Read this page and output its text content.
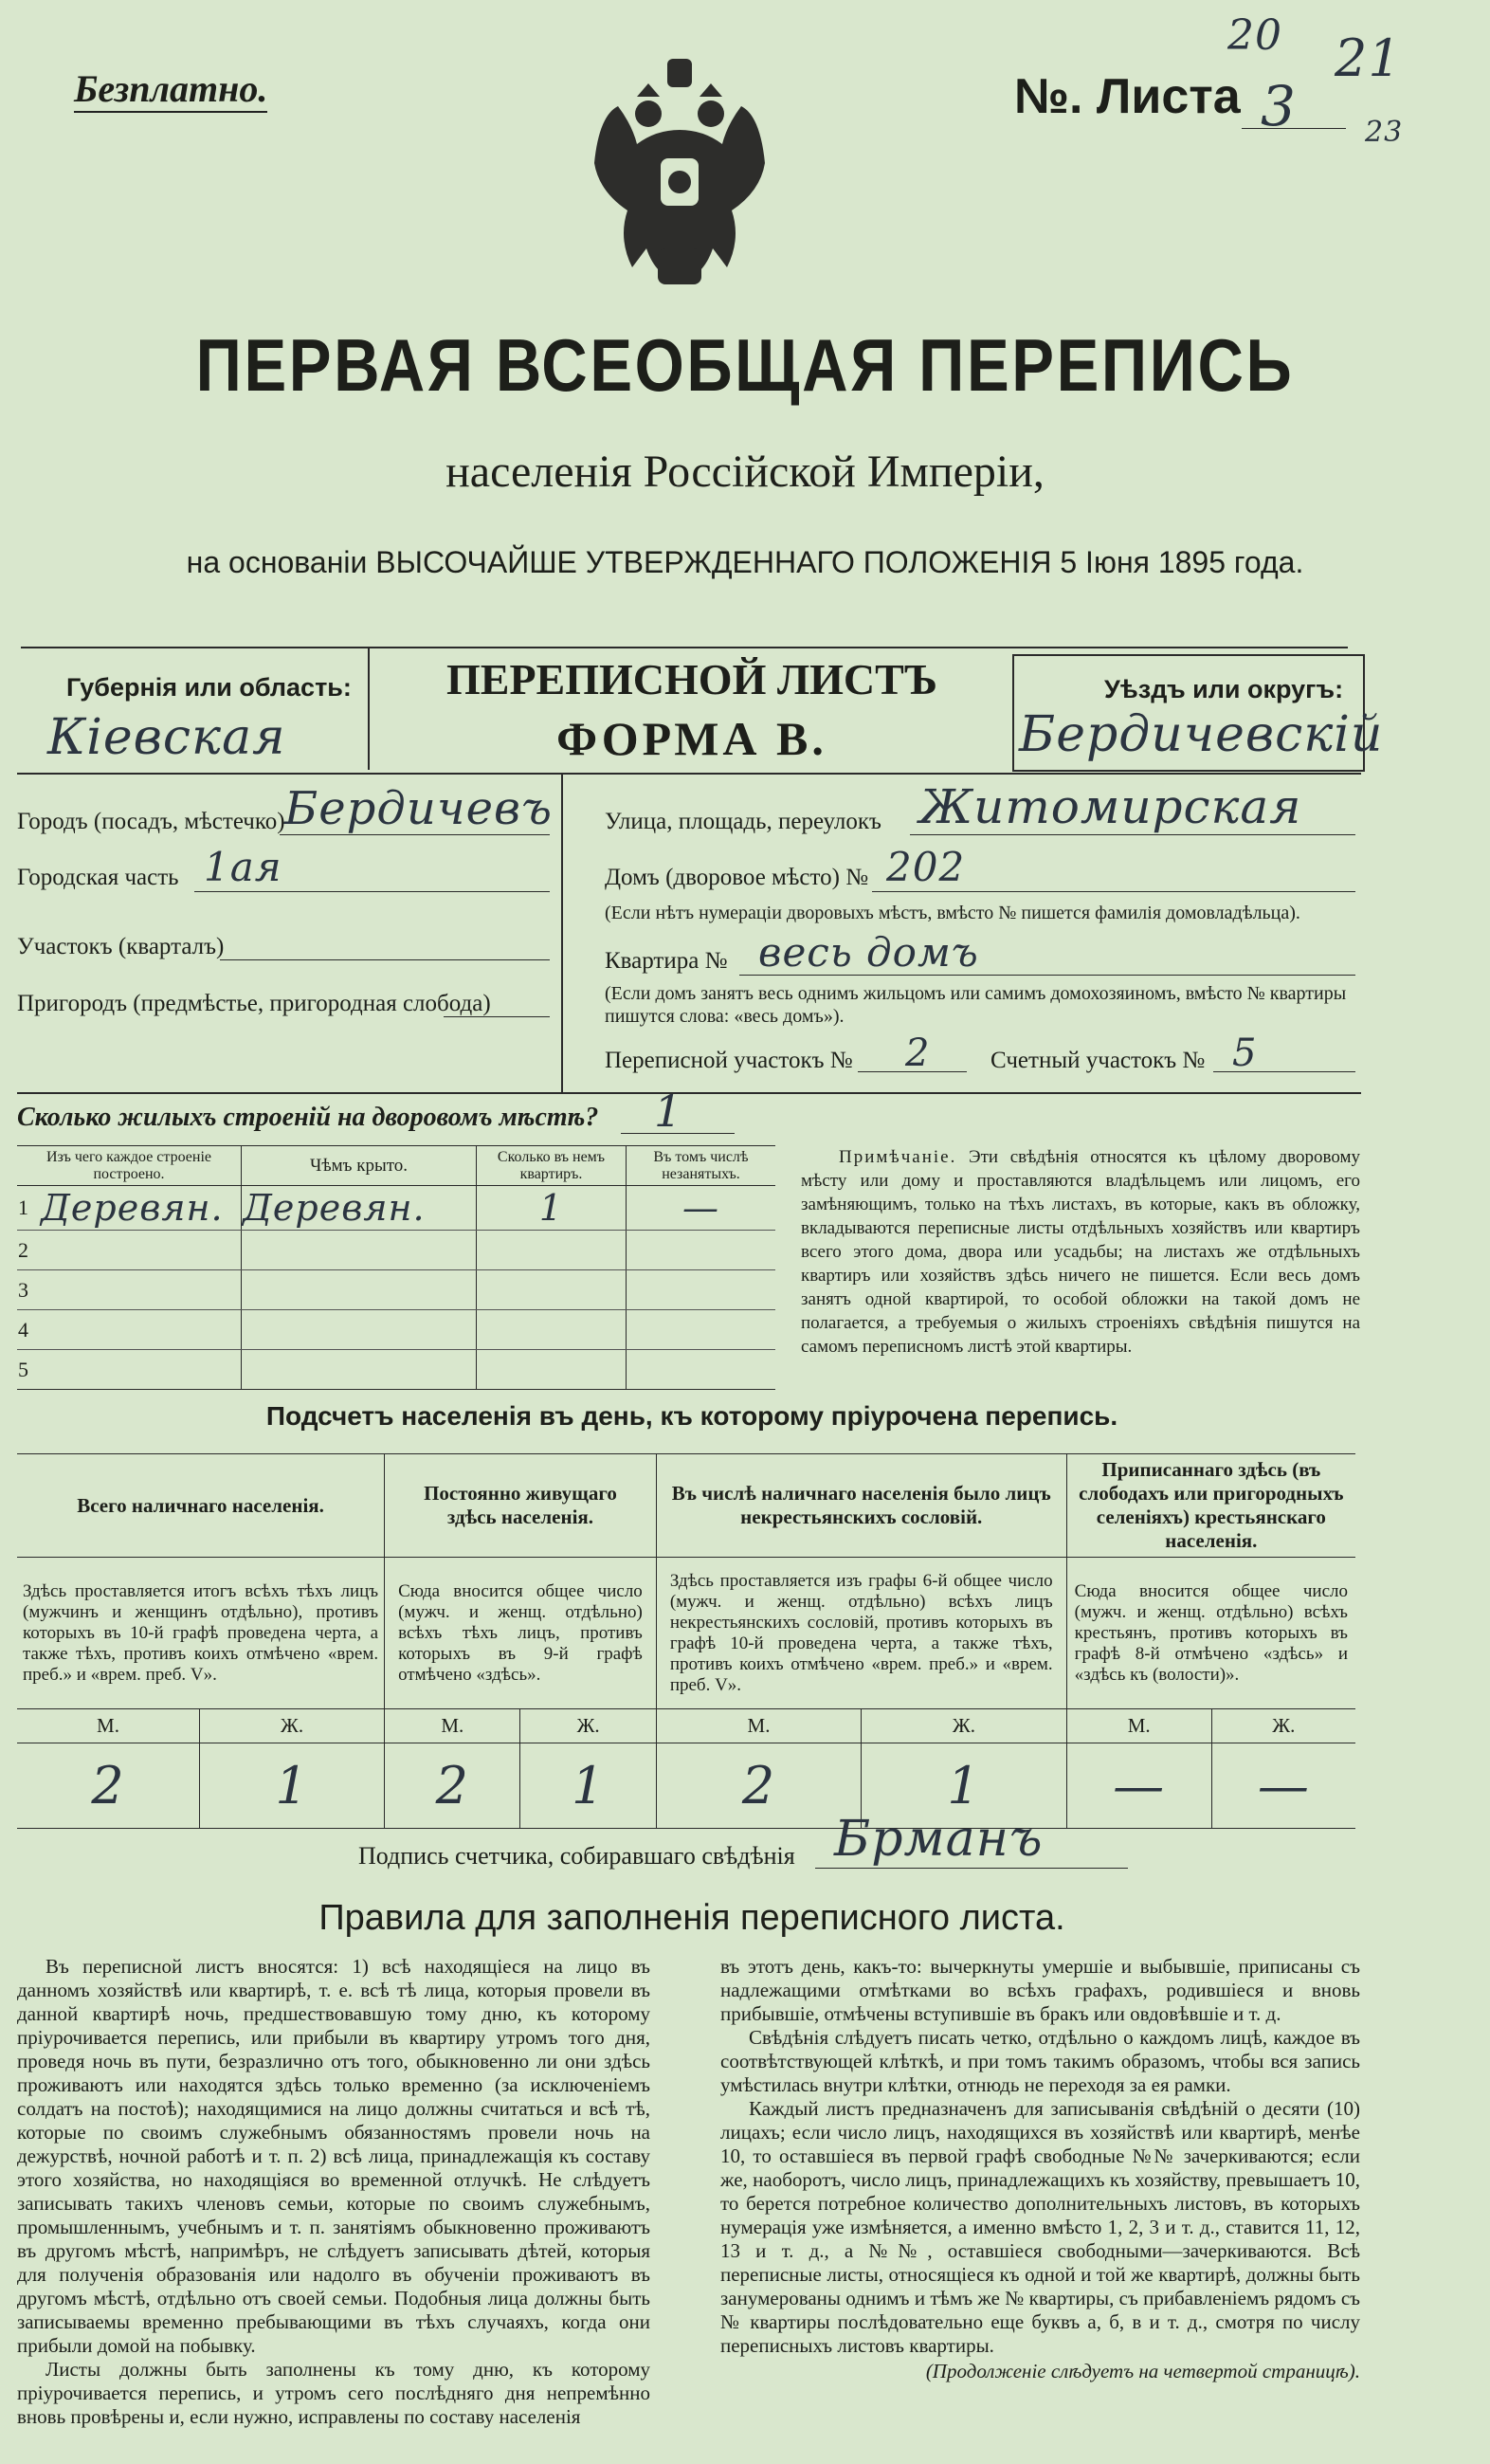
Безплатно.	№. Листа 3
20 21
23
ПЕРВАЯ ВСЕОБЩАЯ ПЕРЕПИСЬ
населенія Россійской Имперіи,
на основаніи ВЫСОЧАЙШЕ УТВЕРЖДЕННАГО ПОЛОЖЕНІЯ 5 Іюня 1895 года.
Губернія или область:
Кіевская
ПЕРЕПИСНОЙ ЛИСТЪ
ФОРМА В.
Уѣздъ или округъ:
Бердичевскій
Городъ (посадъ, мѣстечко) Бердичевъ
Городская часть 1ая
Участокъ (кварталъ)
Пригородъ (предмѣстье, пригородная слобода)
Улица, площадь, переулокъ Житомирская
Домъ (дворовое мѣсто) № 202
(Если нѣтъ нумераціи дворовыхъ мѣстъ, вмѣсто № пишется фамилія домовладѣльца).
Квартира № весь домъ
(Если домъ занятъ весь однимъ жильцомъ или самимъ домохозяиномъ, вмѣсто № квартиры пишутся слова: «весь домъ»).
Переписной участокъ № 2	Счетный участокъ № 5
Сколько жилыхъ строеній на дворовомъ мѣстѣ? 1
Изъ чего каждое строеніе построено.		Чѣмъ крыто.	Сколько въ немъ квартиръ.	Въ томъ числѣ незанятыхъ.
1	Деревян.	Деревян.	1	—
2				
3				
4				
5				
Примѣчаніе. Эти свѣдѣнія относятся къ цѣлому дворовому мѣсту или дому и проставляются владѣльцемъ или лицомъ, его замѣняющимъ, только на тѣхъ листахъ, въ которые, какъ въ обложку, вкладываются переписные листы отдѣльныхъ хозяйствъ или квартиръ всего этого дома, двора или усадьбы; на листахъ же отдѣльныхъ квартиръ или хозяйствъ здѣсь ничего не пишется. Если весь домъ занятъ одной квартирой, то особой обложки на такой домъ не полагается, а требуемыя о жилыхъ строеніяхъ свѣдѣнія пишутся на самомъ переписномъ листѣ этой квартиры.
Подсчетъ населенія въ день, къ которому пріурочена перепись.
Всего наличнаго населенія.		Постоянно живущаго здѣсь населенія.		Въ числѣ наличнаго населенія было лицъ некрестьянскихъ сословій.		Приписаннаго здѣсь (въ слободахъ или пригородныхъ селеніяхъ) крестьянскаго населенія.	
Здѣсь проставляется итогъ всѣхъ тѣхъ лицъ (мужчинъ и женщинъ отдѣльно), противъ которыхъ въ 10-й графѣ проведена черта, а также тѣхъ, противъ коихъ отмѣчено «врем. преб.» и «врем. преб. V».		Сюда вносится общее число (мужч. и женщ. отдѣльно) всѣхъ тѣхъ лицъ, противъ которыхъ въ 9-й графѣ отмѣчено «здѣсь».		Здѣсь проставляется изъ графы 6-й общее число (мужч. и женщ. отдѣльно) всѣхъ лицъ некрестьянскихъ сословій, противъ которыхъ въ графѣ 10-й проведена черта, а также тѣхъ, противъ коихъ отмѣчено «врем. преб.» и «врем. преб. V».		Сюда вносится общее число (мужч. и женщ. отдѣльно) всѣхъ крестьянъ, противъ которыхъ въ графѣ 8-й отмѣчено «здѣсь» и «здѣсь къ (волости)».	
М.	Ж.	М.	Ж.	М.	Ж.	М.	Ж.
2	1	2	1	2	1	—	—
Подпись счетчика, собиравшаго свѣдѣнія Брманъ
Правила для заполненія переписного листа.

Въ переписной листъ вносятся: 1) всѣ находящіеся на лицо въ данномъ хозяйствѣ или квартирѣ, т. е. всѣ тѣ лица, которыя провели въ данной квартирѣ ночь, предшествовавшую тому дню, къ которому пріурочивается перепись, или прибыли въ квартиру утромъ того дня, проведя ночь въ пути, безразлично отъ того, обыкновенно ли они здѣсь проживаютъ или находятся здѣсь только временно (за исключеніемъ солдатъ на постоѣ); находящимися на лицо должны считаться и всѣ тѣ, которые по своимъ служебнымъ обязанностямъ провели ночь на дежурствѣ, ночной работѣ и т. п. 2) всѣ лица, принадлежащія къ составу этого хозяйства, но находящіяся во временной отлучкѣ. Не слѣдуетъ записывать такихъ членовъ семьи, которые по своимъ служебнымъ, промышленнымъ, учебнымъ и т. п. занятіямъ обыкновенно проживаютъ въ другомъ мѣстѣ, напримѣръ, не слѣдуетъ записывать дѣтей, которыя для полученія образованія или надолго въ обученіи проживаютъ въ другомъ мѣстѣ, отдѣльно отъ своей семьи. Подобныя лица должны быть записываемы временно пребывающими въ тѣхъ случаяхъ, когда они прибыли домой на побывку.

Листы должны быть заполнены къ тому дню, къ которому пріурочивается перепись, и утромъ сего послѣдняго дня непремѣнно вновь провѣрены и, если нужно, исправлены по составу населенія

въ этотъ день, какъ-то: вычеркнуты умершіе и выбывшіе, приписаны съ надлежащими отмѣтками во всѣхъ графахъ, родившіеся и вновь прибывшіе, отмѣчены вступившіе въ бракъ или овдовѣвшіе и т. д.

Свѣдѣнія слѣдуетъ писать четко, отдѣльно о каждомъ лицѣ, каждое въ соотвѣтствующей клѣткѣ, и при томъ такимъ образомъ, чтобы вся запись умѣстилась внутри клѣтки, отнюдь не переходя за ея рамки.

Каждый листъ предназначенъ для записыванія свѣдѣній о десяти (10) лицахъ; если число лицъ, находящихся въ хозяйствѣ или квартирѣ, менѣе 10, то оставшіеся въ первой графѣ свободные №№ зачеркиваются; если же, наоборотъ, число лицъ, принадлежащихъ къ хозяйству, превышаетъ 10, то берется потребное количество дополнительныхъ листовъ, въ которыхъ нумерація уже измѣняется, а именно вмѣсто 1, 2, 3 и т. д., ставится 11, 12, 13 и т. д., а №№, оставшіеся свободными—зачеркиваются. Всѣ переписные листы, относящіеся къ одной и той же квартирѣ, должны быть занумерованы однимъ и тѣмъ же № квартиры, съ прибавленіемъ рядомъ съ № квартиры послѣдовательно еще буквъ а, б, в и т. д., смотря по числу переписныхъ листовъ квартиры.

(Продолженіе слѣдуетъ на четвертой страницѣ).
